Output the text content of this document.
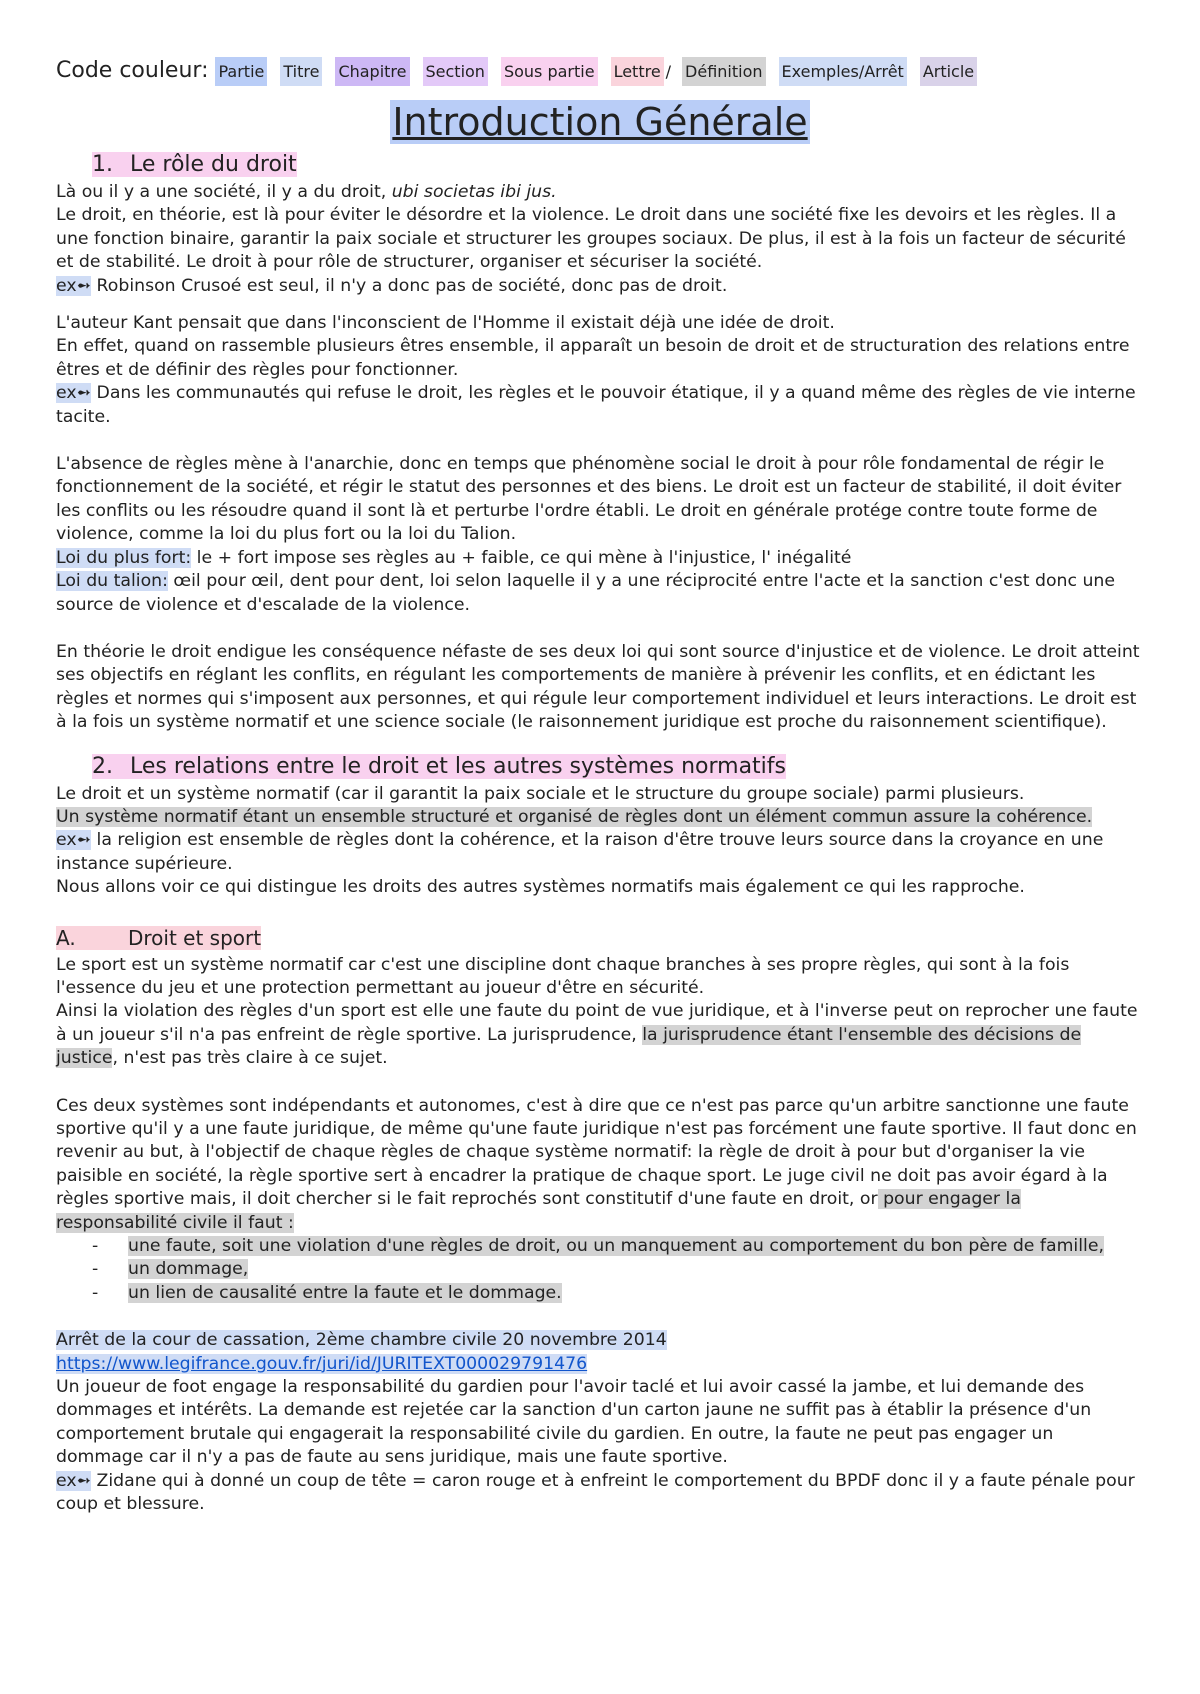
Code couleur: Partie Titre Chapitre Section Sous partie Lettre / Définition Exemples/Arrêt Article
Introduction Générale
1. Le rôle du droit

Là ou il y a une société, il y a du droit, ubi societas ibi jus.

Le droit, en théorie, est là pour éviter le désordre et la violence. Le droit dans une société fixe les devoirs et les règles. Il a une fonction binaire, garantir la paix sociale et structurer les groupes sociaux. De plus, il est à la fois un facteur de sécurité et de stabilité. Le droit à pour rôle de structurer, organiser et sécuriser la société.

ex➻ Robinson Crusoé est seul, il n'y a donc pas de société, donc pas de droit.

L'auteur Kant pensait que dans l'inconscient de l'Homme il existait déjà une idée de droit.

En effet, quand on rassemble plusieurs êtres ensemble, il apparaît un besoin de droit et de structuration des relations entre êtres et de définir des règles pour fonctionner.

ex➻ Dans les communautés qui refuse le droit, les règles et le pouvoir étatique, il y a quand même des règles de vie interne tacite.

L'absence de règles mène à l'anarchie, donc en temps que phénomène social le droit à pour rôle fondamental de régir le fonctionnement de la société, et régir le statut des personnes et des biens. Le droit est un facteur de stabilité, il doit éviter les conflits ou les résoudre quand il sont là et perturbe l'ordre établi. Le droit en générale protége contre toute forme de violence, comme la loi du plus fort ou la loi du Talion.

Loi du plus fort: le + fort impose ses règles au + faible, ce qui mène à l'injustice, l' inégalité

Loi du talion: œil pour œil, dent pour dent, loi selon laquelle il y a une réciprocité entre l'acte et la sanction c'est donc une source de violence et d'escalade de la violence.

En théorie le droit endigue les conséquence néfaste de ses deux loi qui sont source d'injustice et de violence. Le droit atteint ses objectifs en réglant les conflits, en régulant les comportements de manière à prévenir les conflits, et en édictant les règles et normes qui s'imposent aux personnes, et qui régule leur comportement individuel et leurs interactions. Le droit est à la fois un système normatif et une science sociale (le raisonnement juridique est proche du raisonnement scientifique).

2. Les relations entre le droit et les autres systèmes normatifs

Le droit et un système normatif (car il garantit la paix sociale et le structure du groupe sociale) parmi plusieurs.

Un système normatif étant un ensemble structuré et organisé de règles dont un élément commun assure la cohérence.

ex➻ la religion est ensemble de règles dont la cohérence, et la raison d'être trouve leurs source dans la croyance en une instance supérieure.

Nous allons voir ce qui distingue les droits des autres systèmes normatifs mais également ce qui les rapproche.

A.	Droit et sport

Le sport est un système normatif car c'est une discipline dont chaque branches à ses propre règles, qui sont à la fois l'essence du jeu et une protection permettant au joueur d'être en sécurité.

Ainsi la violation des règles d'un sport est elle une faute du point de vue juridique, et à l'inverse peut on reprocher une faute à un joueur s'il n'a pas enfreint de règle sportive. La jurisprudence, la jurisprudence étant l'ensemble des décisions de justice, n'est pas très claire à ce sujet.

Ces deux systèmes sont indépendants et autonomes, c'est à dire que ce n'est pas parce qu'un arbitre sanctionne une faute sportive qu'il y a une faute juridique, de même qu'une faute juridique n'est pas forcément une faute sportive. Il faut donc en revenir au but, à l'objectif de chaque règles de chaque système normatif: la règle de droit à pour but d'organiser la vie paisible en société, la règle sportive sert à encadrer la pratique de chaque sport. Le juge civil ne doit pas avoir égard à la règles sportive mais, il doit chercher si le fait reprochés sont constitutif d'une faute en droit, or pour engager la responsabilité civile il faut :

- une faute, soit une violation d'une règles de droit, ou un manquement au comportement du bon père de famille,
- un dommage,
- un lien de causalité entre la faute et le dommage.

Arrêt de la cour de cassation, 2ème chambre civile 20 novembre 2014

https://www.legifrance.gouv.fr/juri/id/JURITEXT000029791476

Un joueur de foot engage la responsabilité du gardien pour l'avoir taclé et lui avoir cassé la jambe, et lui demande des dommages et intérêts. La demande est rejetée car la sanction d'un carton jaune ne suffit pas à établir la présence d'un comportement brutale qui engagerait la responsabilité civile du gardien. En outre, la faute ne peut pas engager un dommage car il n'y a pas de faute au sens juridique, mais une faute sportive.

ex➻ Zidane qui à donné un coup de tête = caron rouge et à enfreint le comportement du BPDF donc il y a faute pénale pour coup et blessure.
